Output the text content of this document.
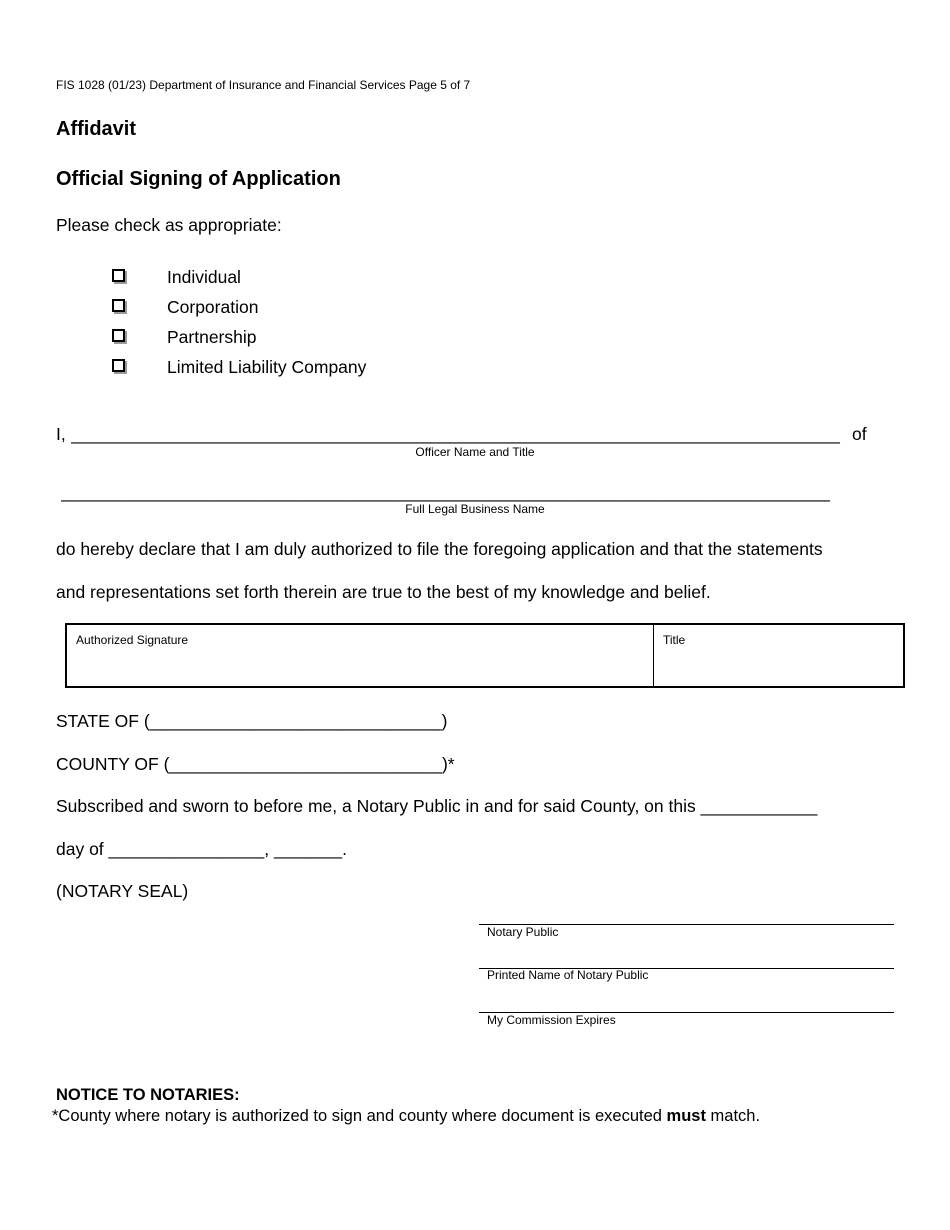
FIS 1028 (01/23) Department of Insurance and Financial Services Page 5 of 7
Affidavit
Official Signing of Application
Please check as appropriate:
Individual
Corporation
Partnership
Limited Liability Company
I, _______________________________________________________________________________ of
Officer Name and Title
_______________________________________________________________________________
Full Legal Business Name
do hereby declare that I am duly authorized to file the foregoing application and that the statements
and representations set forth therein are true to the best of my knowledge and belief.
Authorized Signature	Title
STATE OF (______________________________)
COUNTY OF (____________________________)*
Subscribed and sworn to before me, a Notary Public in and for said County, on this ____________
day of ________________, _______.
(NOTARY SEAL)
Notary Public
Printed Name of Notary Public
My Commission Expires
NOTICE TO NOTARIES:
*County where notary is authorized to sign and county where document is executed must match.
